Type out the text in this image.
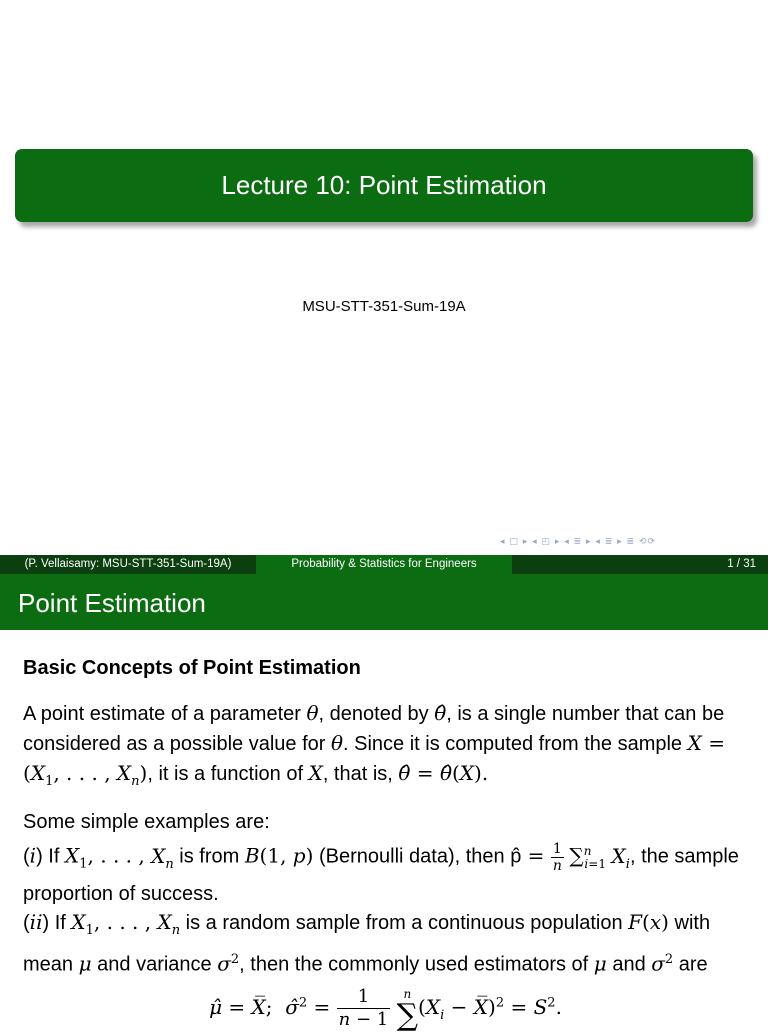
Lecture 10: Point Estimation
MSU-STT-351-Sum-19A
◂ □ ▸ ◂ ◰ ▸ ◂ ≣ ▸ ◂ ≣ ▸ ≣ ⟲⟳
(P. Vellaisamy: MSU-STT-351-Sum-19A)	Probability & Statistics for Engineers	1 / 31
Point Estimation
Basic Concepts of Point Estimation

A point estimate of a parameter θ, denoted by θ̂, is a single number that can be considered as a possible value for θ. Since it is computed from the sample $X = (X_1$, . . . , $X_n$), it is a function of X, that is, θ̂ = θ̂(X).

Some simple examples are:

(i) If $X_1$, . . . , $X_n$ is from B(1, p) (Bernoulli data), then p̂ = $\frac{1}{n} \sum^n_{i=1}$ $X_i$, the sample proportion of success.

(ii) If $X_1$, . . . , $X_n$ is a random sample from a continuous population F(x) with mean μ and variance $\sigma^2$, then the commonly used estimators of μ and $\sigma^2$ are

μ̂ = X̅;  σ̂$^2$ = $\frac{1}{n - 1}$
	n
∑ ($X_i$ − X̅)$^2$ = $S^2$.
